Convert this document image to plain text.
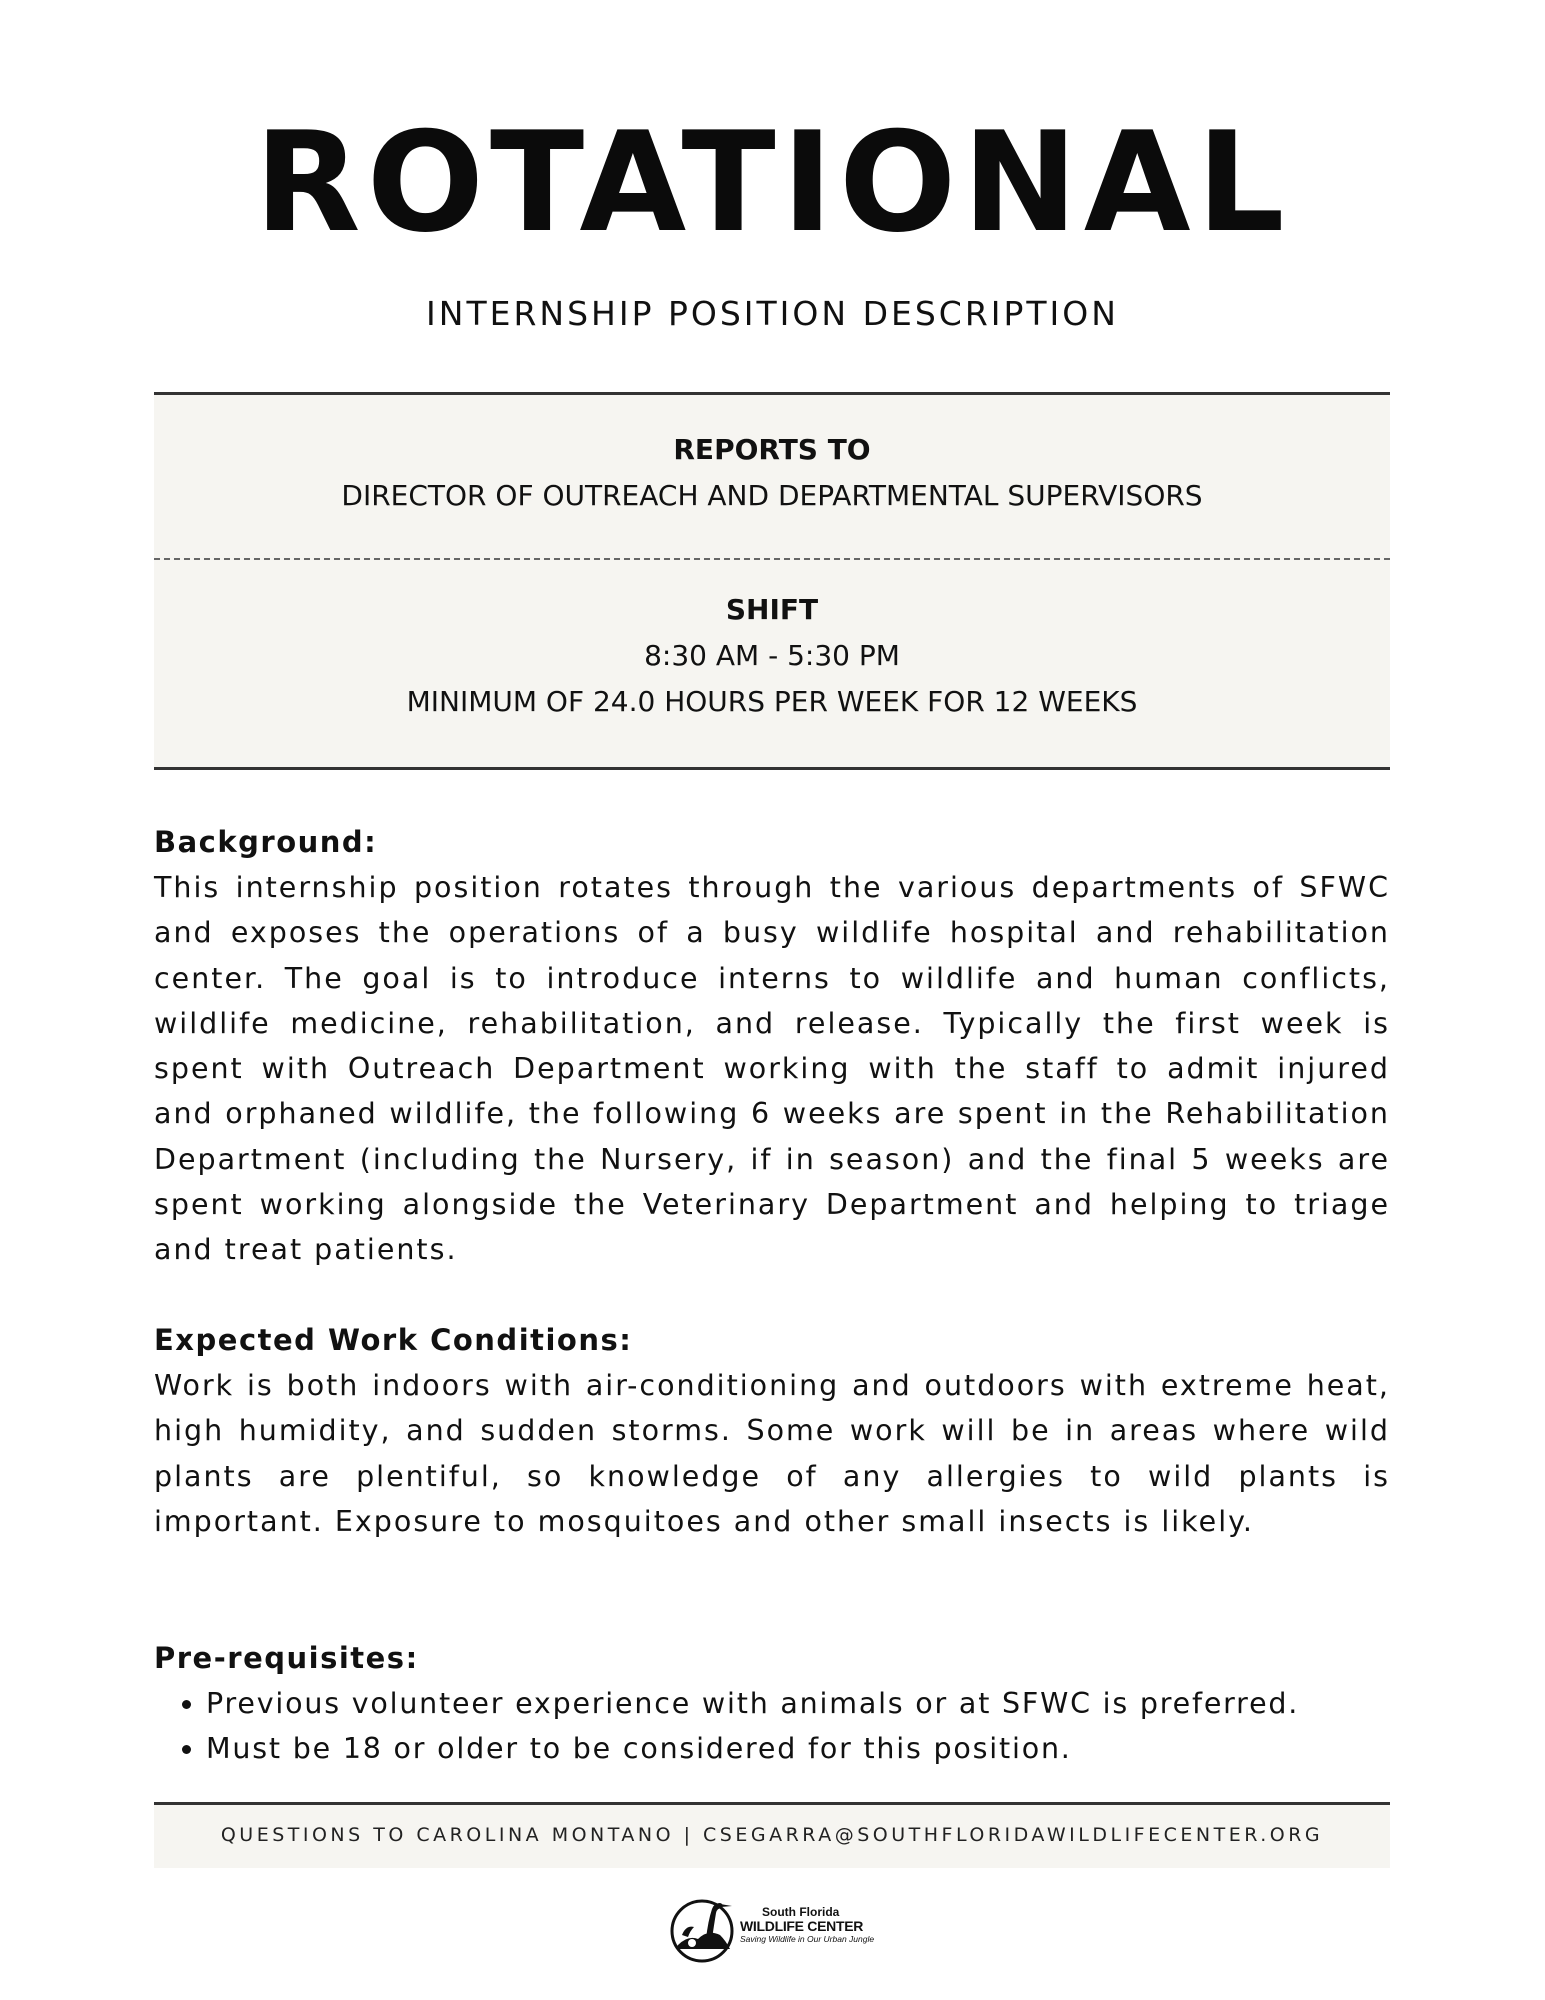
ROTATIONAL
INTERNSHIP POSITION DESCRIPTION
REPORTS TO
DIRECTOR OF OUTREACH AND DEPARTMENTAL SUPERVISORS
SHIFT
8:30 AM - 5:30 PM
MINIMUM OF 24.0 HOURS PER WEEK FOR 12 WEEKS
Background:

This internship position rotates through the various departments of SFWC and exposes the operations of a busy wildlife hospital and rehabilitation center. The goal is to introduce interns to wildlife and human conflicts, wildlife medicine, rehabilitation, and release. Typically the first week is spent with Outreach Department working with the staff to admit injured and orphaned wildlife, the following 6 weeks are spent in the Rehabilitation Department (including the Nursery, if in season) and the final 5 weeks are spent working alongside the Veterinary Department and helping to triage and treat patients.

Expected Work Conditions:

Work is both indoors with air-conditioning and outdoors with extreme heat, high humidity, and sudden storms. Some work will be in areas where wild plants are plentiful, so knowledge of any allergies to wild plants is important. Exposure to mosquitoes and other small insects is likely.

Pre-requisites:
• Previous volunteer experience with animals or at SFWC is preferred.
• Must be 18 or older to be considered for this position.
QUESTIONS TO CAROLINA MONTANO | CSEGARRA@SOUTHFLORIDAWILDLIFECENTER.ORG
South Florida
WILDLIFE CENTER
Saving Wildlife in Our Urban Jungle
